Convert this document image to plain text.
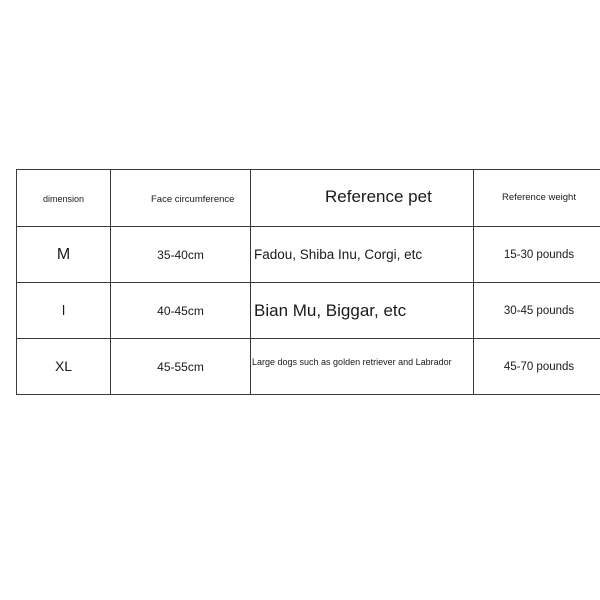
dimension	Face circumference	Reference pet	Reference weight

M	35-40cm	Fadou, Shiba Inu, Corgi, etc	15-30 pounds

l	40-45cm	Bian Mu, Biggar, etc	30-45 pounds

XL	45-55cm	Large dogs such as golden retriever and Labrador	45-70 pounds
